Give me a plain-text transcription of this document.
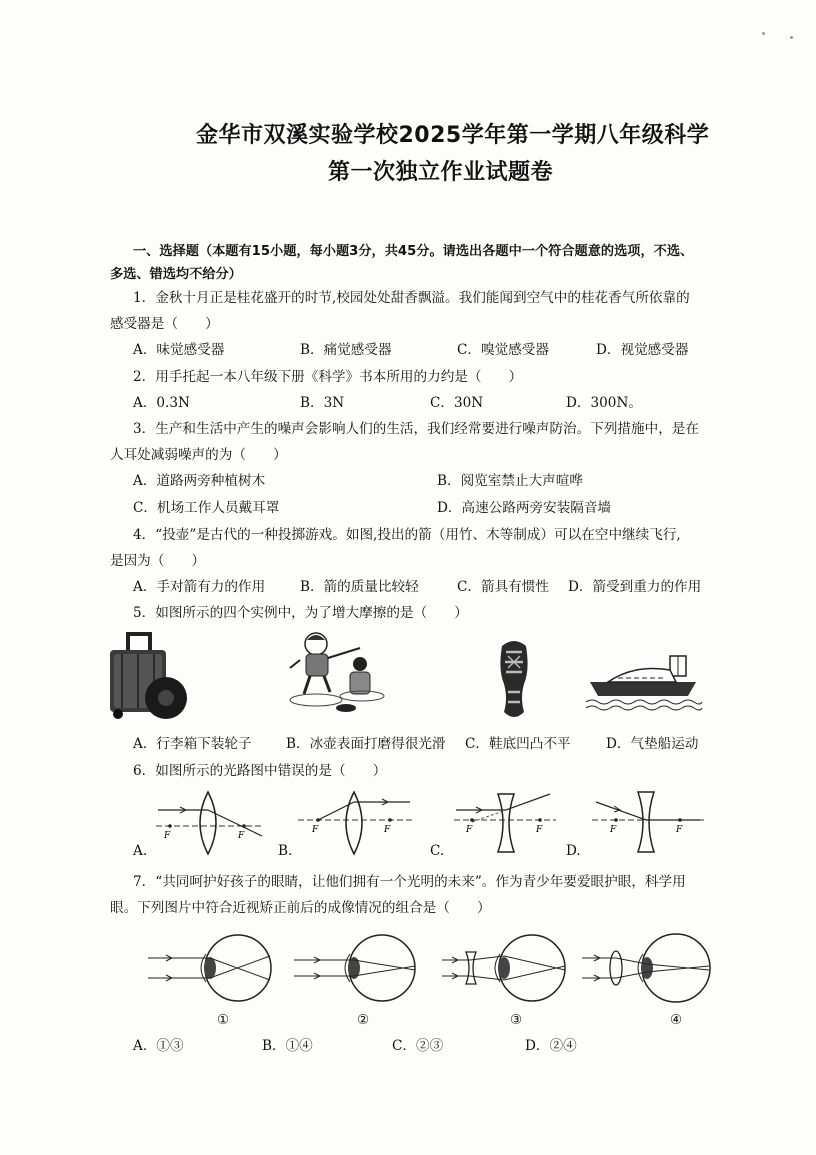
金华市双溪实验学校2025学年第一学期八年级科学
第一次独立作业试题卷
一、选择题（本题有15小题，每小题3分，共45分。请选出各题中一个符合题意的选项，不选、
多选、错选均不给分）
1．金秋十月正是桂花盛开的时节,校园处处甜香飘溢。我们能闻到空气中的桂花香气所依靠的
感受器是（　　）
A．味觉感受器	B．痛觉感受器	C．嗅觉感受器	D．视觉感受器
2．用手托起一本八年级下册《科学》书本所用的力约是（　　）
A．0.3N	B．3N	C．30N	D．300N。
3．生产和生活中产生的噪声会影响人们的生活，我们经常要进行噪声防治。下列措施中，是在
人耳处减弱噪声的为（　　）
A．道路两旁种植树木	B．阅览室禁止大声喧哗
C．机场工作人员戴耳罩	D．高速公路两旁安装隔音墙
4．“投壶”是古代的一种投掷游戏。如图,投出的箭（用竹、木等制成）可以在空中继续飞行,
是因为（　　）
A．手对箭有力的作用	B．箭的质量比较轻	C．箭具有惯性 D．箭受到重力的作用
5．如图所示的四个实例中，为了增大摩擦的是（　　）
A．行李箱下装轮子	B．冰壶表面打磨得很光滑 C．鞋底凹凸不平	D．气垫船运动
6．如图所示的光路图中错误的是（　　）
F	F
F	F	F	F	F	F
A.	B.	C.	D.
7．“共同呵护好孩子的眼睛，让他们拥有一个光明的未来”。作为青少年要爱眼护眼，科学用
眼。下列图片中符合近视矫正前后的成像情况的组合是（　　）
①	②	③	④
A．①③	B．①④	C．②③	D．②④
